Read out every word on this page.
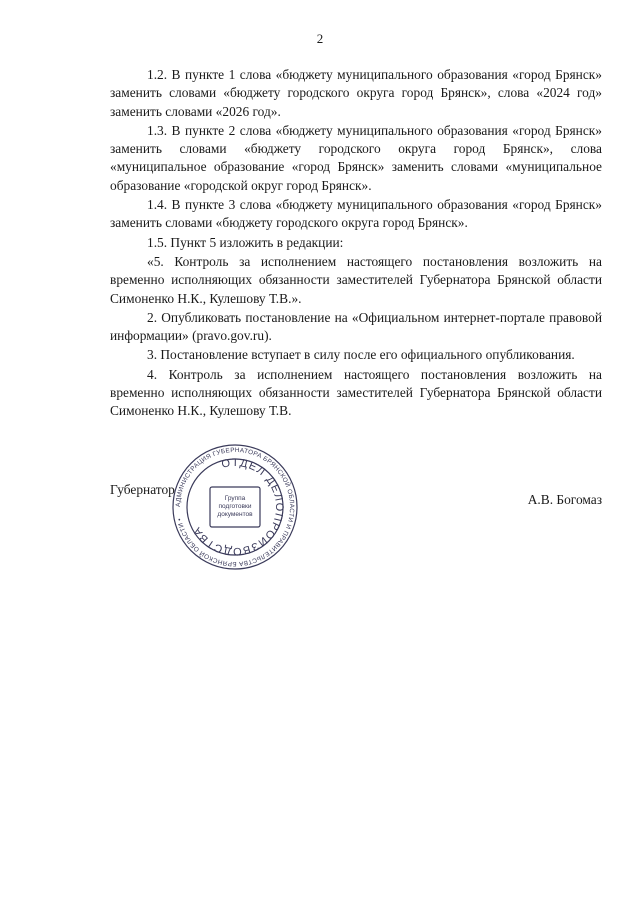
2

1.2. В пункте 1 слова «бюджету муниципального образования «город Брянск» заменить словами «бюджету городского округа город Брянск», слова «2024 год» заменить словами «2026 год».

1.3. В пункте 2 слова «бюджету муниципального образования «город Брянск» заменить словами «бюджету городского округа город Брянск», слова «муниципальное образование «город Брянск» заменить словами «муниципальное образование «городской округ город Брянск».

1.4. В пункте 3 слова «бюджету муниципального образования «город Брянск» заменить словами «бюджету городского округа город Брянск».

1.5. Пункт 5 изложить в редакции:

«5. Контроль за исполнением настоящего постановления возложить на временно исполняющих обязанности заместителей Губернатора Брянской области Симоненко Н.К., Кулешову Т.В.».

2. Опубликовать постановление на «Официальном интернет-портале правовой информации» (pravo.gov.ru).

3. Постановление вступает в силу после его официального опубликования.

4. Контроль за исполнением настоящего постановления возложить на временно исполняющих обязанности заместителей Губернатора Брянской области Симоненко Н.К., Кулешову Т.В.

Губернатор
А.В. Богомаз
АДМИНИСТРАЦИЯ ГУБЕРНАТОРА БРЯНСКОЙ ОБЛАСТИ И ПРАВИТЕЛЬСТВА БРЯНСКОЙ ОБЛАСТИ •
ОТДЕЛ ДЕЛОПРОИЗВОДСТВА
Группа подготовки документов
